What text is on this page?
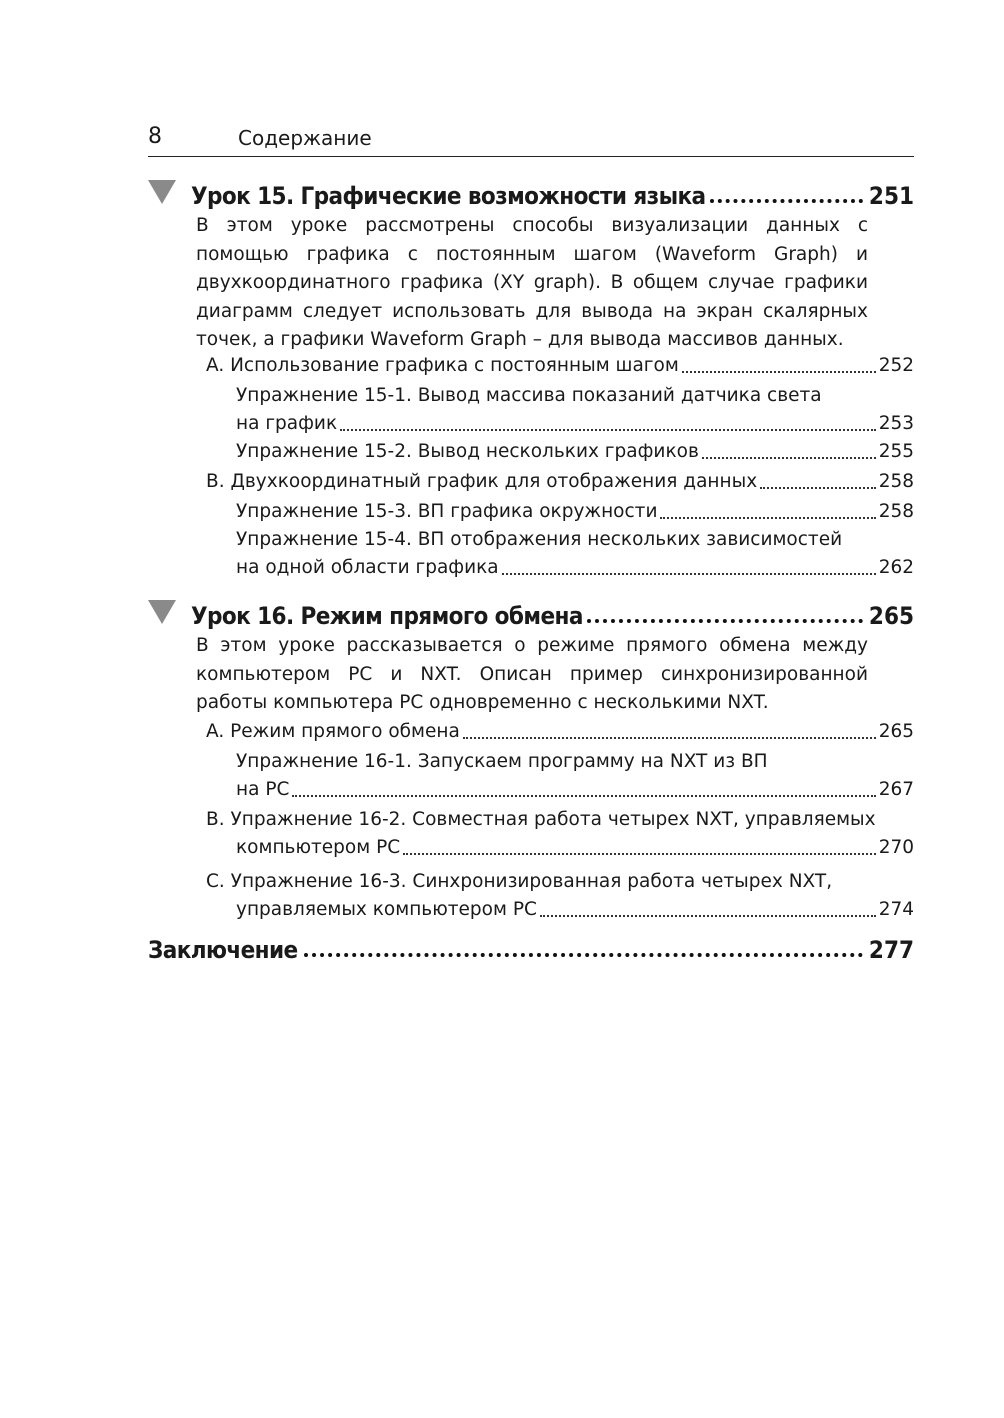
8	Содержание
Урок 15. Графические возможности языка	251
В этом уроке рассмотрены способы визуализации данных с помощью графика с постоянным шагом (Waveform Graph) и двухкоординатного графика (XY graph). В общем случае графики диаграмм следует использовать для вывода на экран скалярных точек, а графики Waveform Graph – для вывода массивов данных.
A. Использование графика с постоянным шагом	252
Упражнение 15-1. Вывод массива показаний датчика света
на график	253
Упражнение 15-2. Вывод нескольких графиков	255
B. Двухкоординатный график для отображения данных	258
Упражнение 15-3. ВП графика окружности	258
Упражнение 15-4. ВП отображения нескольких зависимостей
на одной области графика	262
Урок 16. Режим прямого обмена	265
В этом уроке рассказывается о режиме прямого обмена между компьютером PC и NXT. Описан пример синхронизированной работы компьютера PC одновременно с несколькими NXT.
A. Режим прямого обмена	265
Упражнение 16-1. Запускаем программу на NXT из ВП
на PC	267
B. Упражнение 16-2. Совместная работа четырех NXT, управляемых
компьютером PC	270
C. Упражнение 16-3. Синхронизированная работа четырех NXT,
управляемых компьютером PC	274
Заключение	277
